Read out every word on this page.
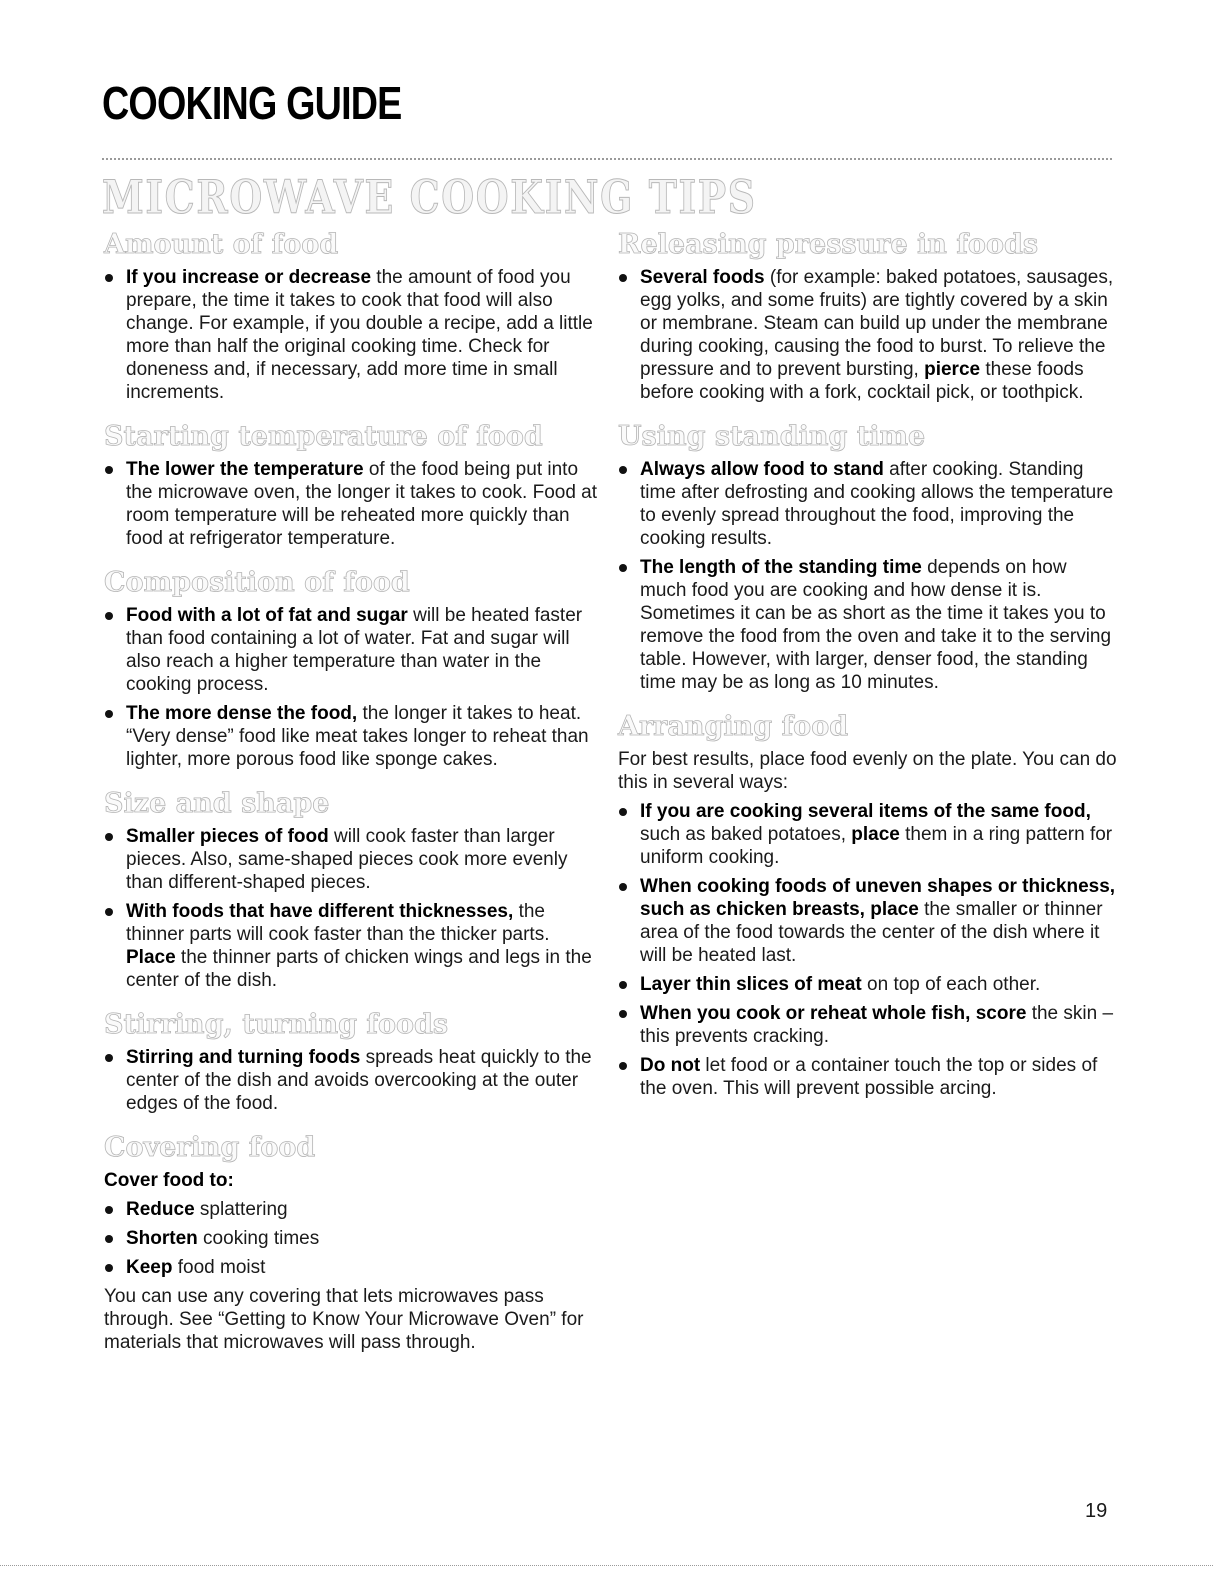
COOKING GUIDE
MICROWAVE COOKING TIPS
Amount of food
If you increase or decrease the amount of food you prepare, the time it takes to cook that food will also change. For example, if you double a recipe, add a little more than half the original cooking time. Check for doneness and, if necessary, add more time in small increments.
Starting temperature of food
The lower the temperature of the food being put into the microwave oven, the longer it takes to cook. Food at room temperature will be reheated more quickly than food at refrigerator temperature.
Composition of food
Food with a lot of fat and sugar will be heated faster than food containing a lot of water. Fat and sugar will also reach a higher temperature than water in the cooking process.
The more dense the food, the longer it takes to heat. “Very dense” food like meat takes longer to reheat than lighter, more porous food like sponge cakes.
Size and shape
Smaller pieces of food will cook faster than larger pieces. Also, same-shaped pieces cook more evenly than different-shaped pieces.
With foods that have different thicknesses, the thinner parts will cook faster than the thicker parts. Place the thinner parts of chicken wings and legs in the center of the dish.
Stirring, turning foods
Stirring and turning foods spreads heat quickly to the center of the dish and avoids overcooking at the outer edges of the food.
Covering food

Cover food to:

Reduce splattering
Shorten cooking times
Keep food moist

You can use any covering that lets microwaves pass through. See “Getting to Know Your Microwave Oven” for materials that microwaves will pass through.

Releasing pressure in foods
Several foods (for example: baked potatoes, sausages, egg yolks, and some fruits) are tightly covered by a skin or membrane. Steam can build up under the membrane during cooking, causing the food to burst. To relieve the pressure and to prevent bursting, pierce these foods before cooking with a fork, cocktail pick, or toothpick.
Using standing time
Always allow food to stand after cooking. Standing time after defrosting and cooking allows the temperature to evenly spread throughout the food, improving the cooking results.
The length of the standing time depends on how much food you are cooking and how dense it is. Sometimes it can be as short as the time it takes you to remove the food from the oven and take it to the serving table. However, with larger, denser food, the standing time may be as long as 10 minutes.
Arranging food

For best results, place food evenly on the plate. You can do this in several ways:

If you are cooking several items of the same food, such as baked potatoes, place them in a ring pattern for uniform cooking.
When cooking foods of uneven shapes or thickness, such as chicken breasts, place the smaller or thinner area of the food towards the center of the dish where it will be heated last.
Layer thin slices of meat on top of each other.
When you cook or reheat whole fish, score the skin – this prevents cracking.
Do not let food or a container touch the top or sides of the oven. This will prevent possible arcing.

19
